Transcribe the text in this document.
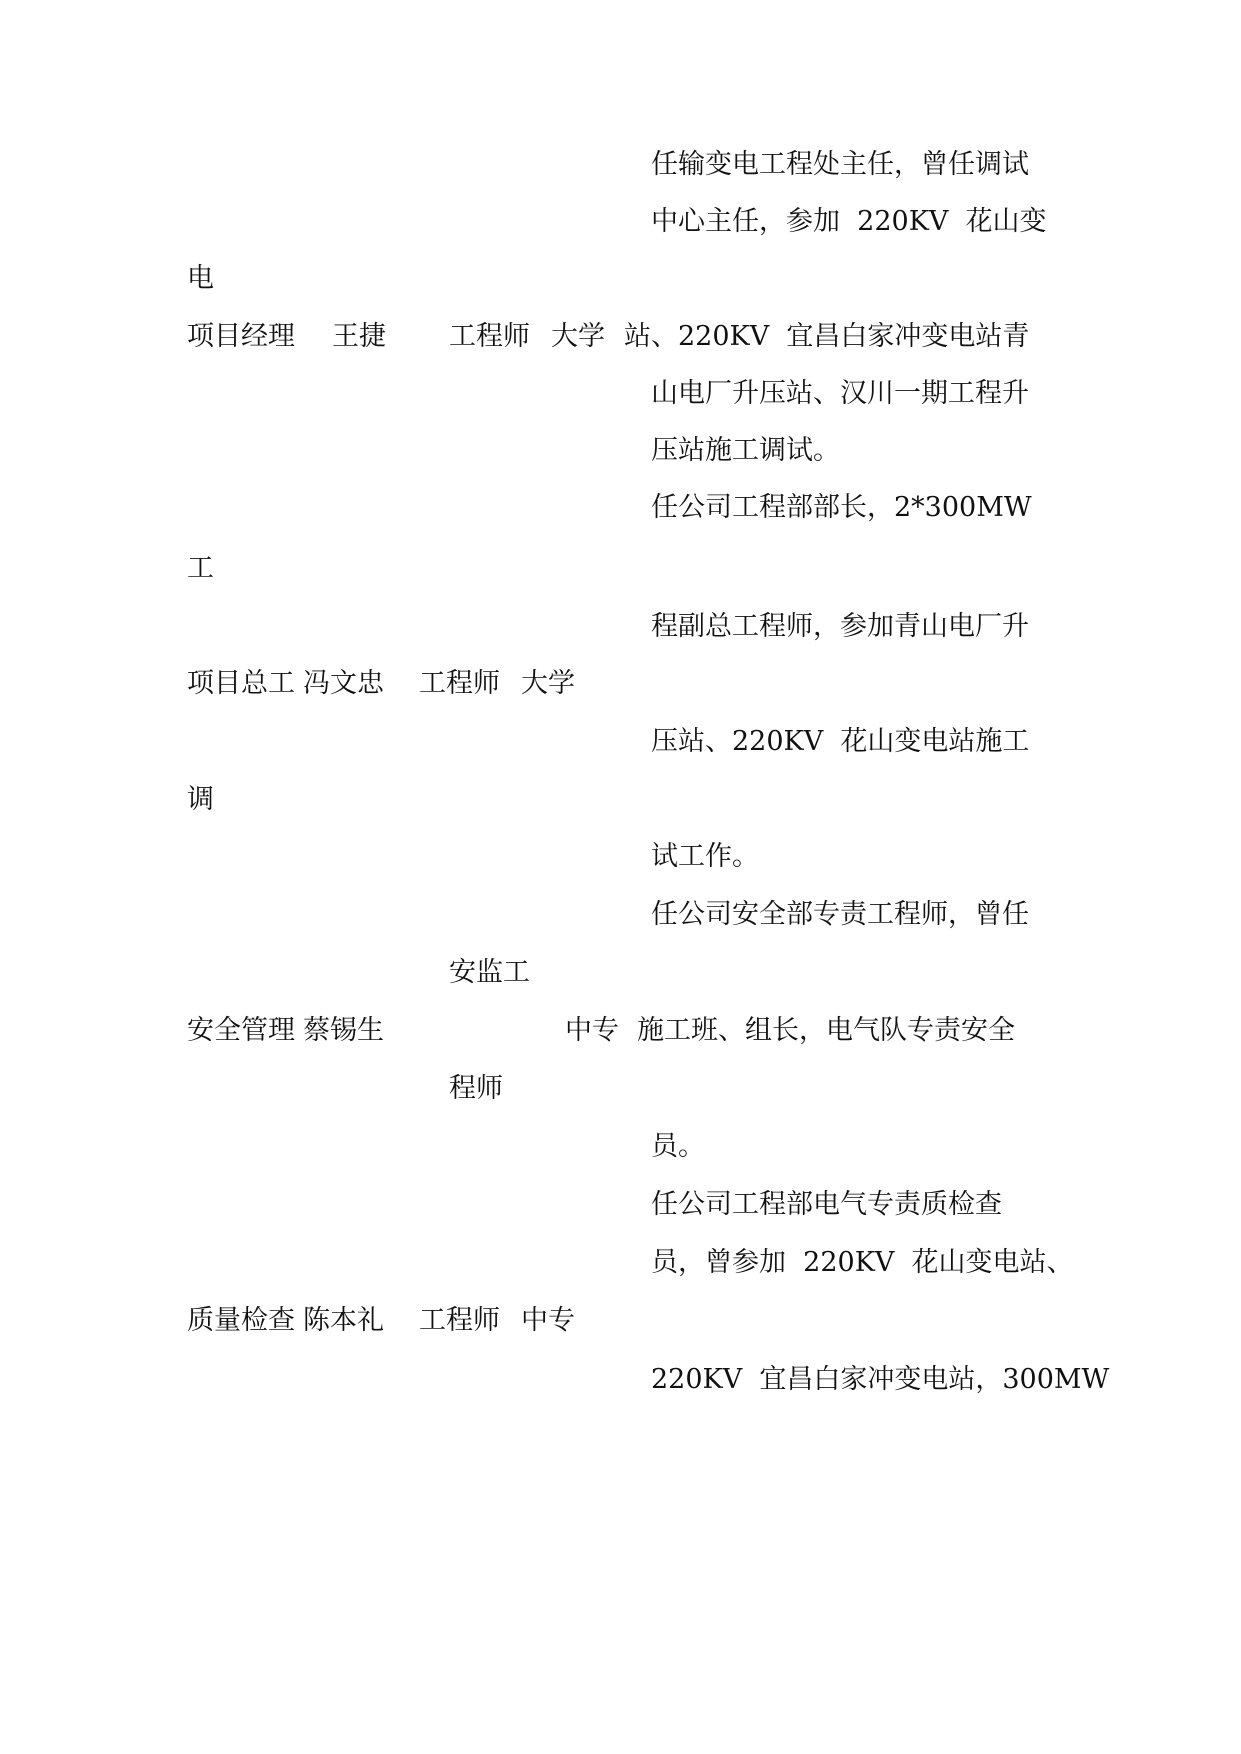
任输变电工程处主任，曾任调试
中心主任，参加  220KV  花山变
电
项目经理 王捷 工程师 大学 站、220KV  宜昌白家冲变电站青
山电厂升压站、汉川一期工程升
压站施工调试。
任公司工程部部长，2*300MW
工
程副总工程师，参加青山电厂升
项目总工 冯文忠 工程师 大学
压站、220KV  花山变电站施工
调
试工作。
任公司安全部专责工程师，曾任
安监工
安全管理 蔡锡生	中专 施工班、组长，电气队专责安全
程师
员。
任公司工程部电气专责质检查
员，曾参加  220KV  花山变电站、
质量检查 陈本礼 工程师 中专
220KV  宜昌白家冲变电站，300MW
